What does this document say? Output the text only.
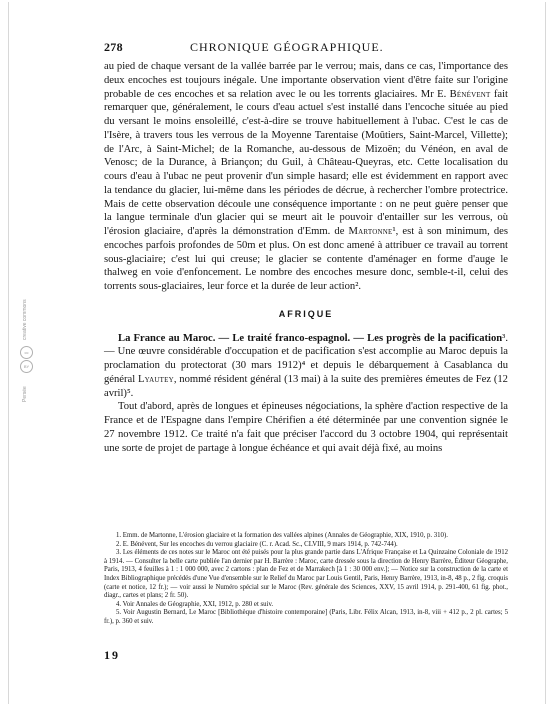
278	CHRONIQUE GÉOGRAPHIQUE.

au pied de chaque versant de la vallée barrée par le verrou; mais, dans ce cas, l'importance des deux encoches est toujours inégale. Une importante observation vient d'être faite sur l'origine probable de ces encoches et sa relation avec le ou les torrents glaciaires. Mr E. Bénévent fait remarquer que, généralement, le cours d'eau actuel s'est installé dans l'encoche située au pied du versant le moins ensoleillé, c'est-à-dire se trouve habituellement à l'ubac. C'est le cas de l'Isère, à travers tous les verrous de la Moyenne Tarentaise (Moûtiers, Saint-Marcel, Villette); de l'Arc, à Saint-Michel; de la Romanche, au-dessous de Mizoën; du Vénéon, en aval de Venosc; de la Durance, à Briançon; du Guil, à Château-Queyras, etc. Cette localisation du cours d'eau à l'ubac ne peut provenir d'un simple hasard; elle est évidemment en rapport avec la tendance du glacier, lui-même dans les périodes de décrue, à rechercher l'ombre protectrice. Mais de cette observation découle une conséquence importante : on ne peut guère penser que la langue terminale d'un glacier qui se meurt ait le pouvoir d'entailler sur les verrous, où l'érosion glaciaire, d'après la démonstration d'Emm. de Martonne¹, est à son minimum, des encoches parfois profondes de 50m et plus. On est donc amené à attribuer ce travail au torrent sous-glaciaire; c'est lui qui creuse; le glacier se contente d'aménager en forme d'auge le thalweg en voie d'enfoncement. Le nombre des encoches mesure donc, semble-t-il, celui des torrents sous-glaciaires, leur force et la durée de leur action².

AFRIQUE

La France au Maroc. — Le traité franco-espagnol. — Les progrès de la pacification³. — Une œuvre considérable d'occupation et de pacification s'est accomplie au Maroc depuis la proclamation du protectorat (30 mars 1912)⁴ et depuis le débarquement à Casablanca du général Lyautey, nommé résident général (13 mai) à la suite des premières émeutes de Fez (12 avril)⁵.

Tout d'abord, après de longues et épineuses négociations, la sphère d'action respective de la France et de l'Espagne dans l'empire Chérifien a été déterminée par une convention signée le 27 novembre 1912. Ce traité n'a fait que préciser l'accord du 3 octobre 1904, qui représentait une sorte de projet de partage à longue échéance et qui avait déjà fixé, au moins

1. Emm. de Martonne, L'érosion glaciaire et la formation des vallées alpines (Annales de Géographie, XIX, 1910, p. 310).

2. E. Bénévent, Sur les encoches du verrou glaciaire (C. r. Acad. Sc., CLVIII, 9 mars 1914, p. 742-744).

3. Les éléments de ces notes sur le Maroc ont été puisés pour la plus grande partie dans L'Afrique Française et La Quinzaine Coloniale de 1912 à 1914. — Consulter la belle carte publiée l'an dernier par H. Barrère : Maroc, carte dressée sous la direction de Henry Barrère, Éditeur Géographe, Paris, 1913, 4 feuilles à 1 : 1 000 000, avec 2 cartons : plan de Fez et de Marrakech [à 1 : 30 000 env.]; — Notice sur la construction de la carte et Index Bibliographique précédés d'une Vue d'ensemble sur le Relief du Maroc par Louis Gentil, Paris, Henry Barrère, 1913, in-8, 48 p., 2 fig. croquis (carte et notice, 12 fr.); — voir aussi le Numéro spécial sur le Maroc (Rev. générale des Sciences, XXV, 15 avril 1914, p. 291-400, 61 fig. phot., diagr., cartes et plans; 2 fr. 50).

4. Voir Annales de Géographie, XXI, 1912, p. 280 et suiv.

5. Voir Augustin Bernard, Le Maroc [Bibliothèque d'histoire contemporaine] (Paris, Libr. Félix Alcan, 1913, in-8, viii + 412 p., 2 pl. cartes; 5 fr.), p. 360 et suiv.

19
creative commons
cc
BY
Persée
